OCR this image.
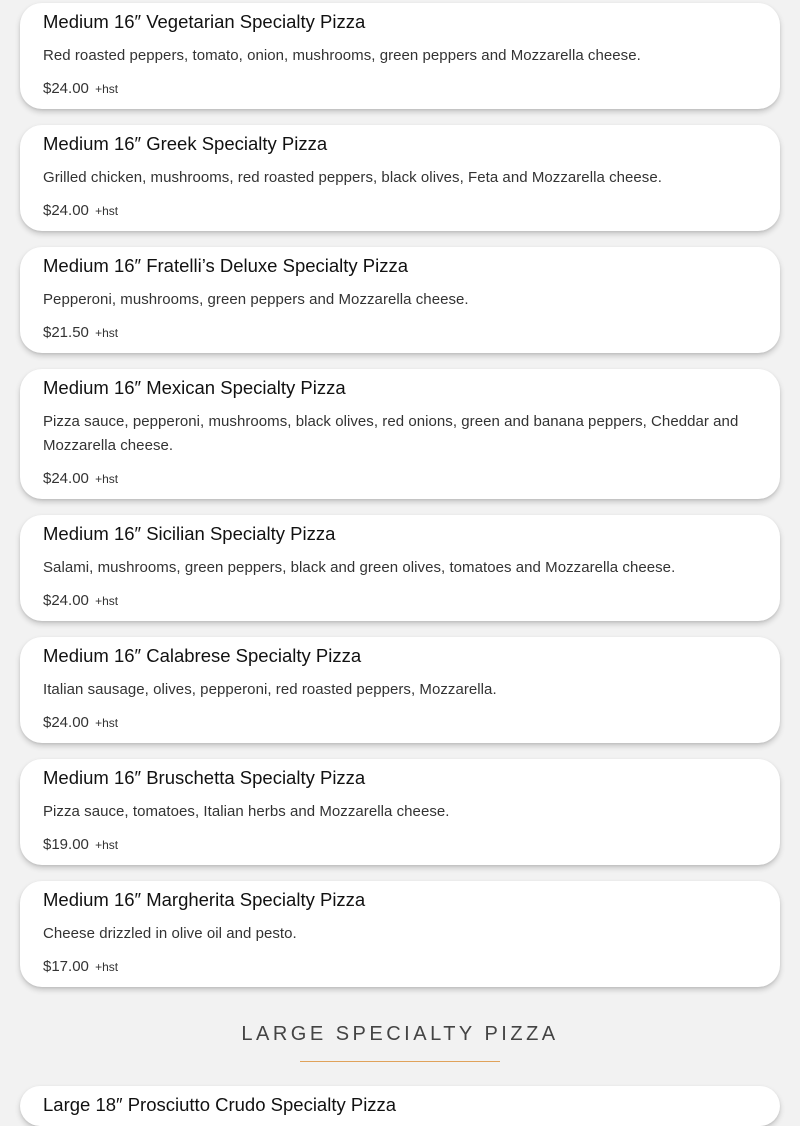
Medium 16″ Vegetarian Specialty Pizza

Red roasted peppers, tomato, onion, mushrooms, green peppers and Mozzarella cheese.

$24.00 +hst
Medium 16″ Greek Specialty Pizza

Grilled chicken, mushrooms, red roasted peppers, black olives, Feta and Mozzarella cheese.

$24.00 +hst
Medium 16″ Fratelli’s Deluxe Specialty Pizza

Pepperoni, mushrooms, green peppers and Mozzarella cheese.

$21.50 +hst
Medium 16″ Mexican Specialty Pizza

Pizza sauce, pepperoni, mushrooms, black olives, red onions, green and banana peppers, Cheddar and Mozzarella cheese.

$24.00 +hst
Medium 16″ Sicilian Specialty Pizza

Salami, mushrooms, green peppers, black and green olives, tomatoes and Mozzarella cheese.

$24.00 +hst
Medium 16″ Calabrese Specialty Pizza

Italian sausage, olives, pepperoni, red roasted peppers, Mozzarella.

$24.00 +hst
Medium 16″ Bruschetta Specialty Pizza

Pizza sauce, tomatoes, Italian herbs and Mozzarella cheese.

$19.00 +hst
Medium 16″ Margherita Specialty Pizza

Cheese drizzled in olive oil and pesto.

$17.00 +hst
LARGE SPECIALTY PIZZA
Large 18″ Prosciutto Crudo Specialty Pizza
